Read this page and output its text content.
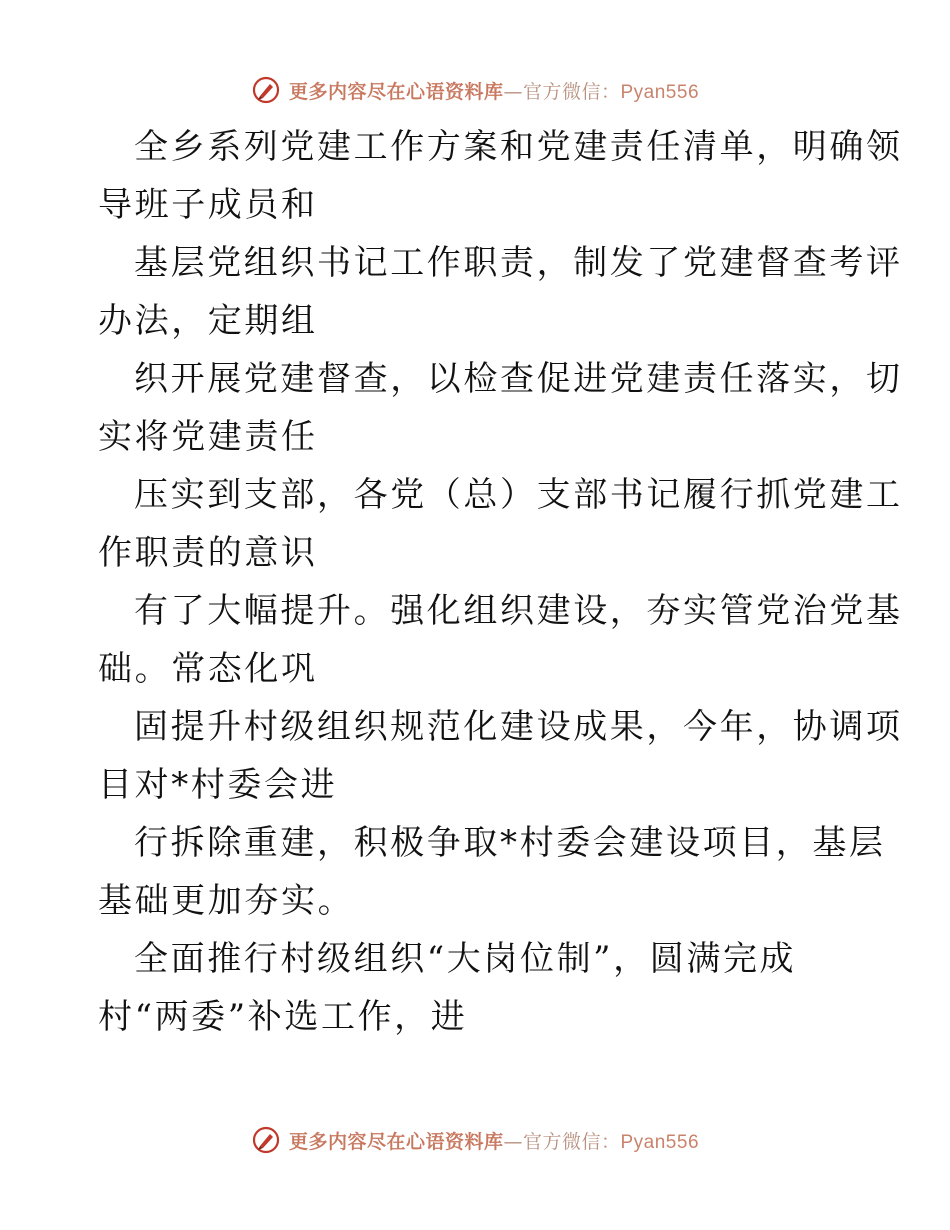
更多内容尽在心语资料库—官方微信：Pyan556
全乡系列党建工作方案和党建责任清单，明确领
导班子成员和
基层党组织书记工作职责，制发了党建督查考评
办法，定期组
织开展党建督查，以检查促进党建责任落实，切
实将党建责任
压实到支部，各党（总）支部书记履行抓党建工
作职责的意识
有了大幅提升。强化组织建设，夯实管党治党基
础。常态化巩
固提升村级组织规范化建设成果，今年，协调项
目对*村委会进
行拆除重建，积极争取*村委会建设项目，基层
基础更加夯实。
全面推行村级组织“大岗位制”，圆满完成
村“两委”补选工作，进
更多内容尽在心语资料库—官方微信：Pyan556
